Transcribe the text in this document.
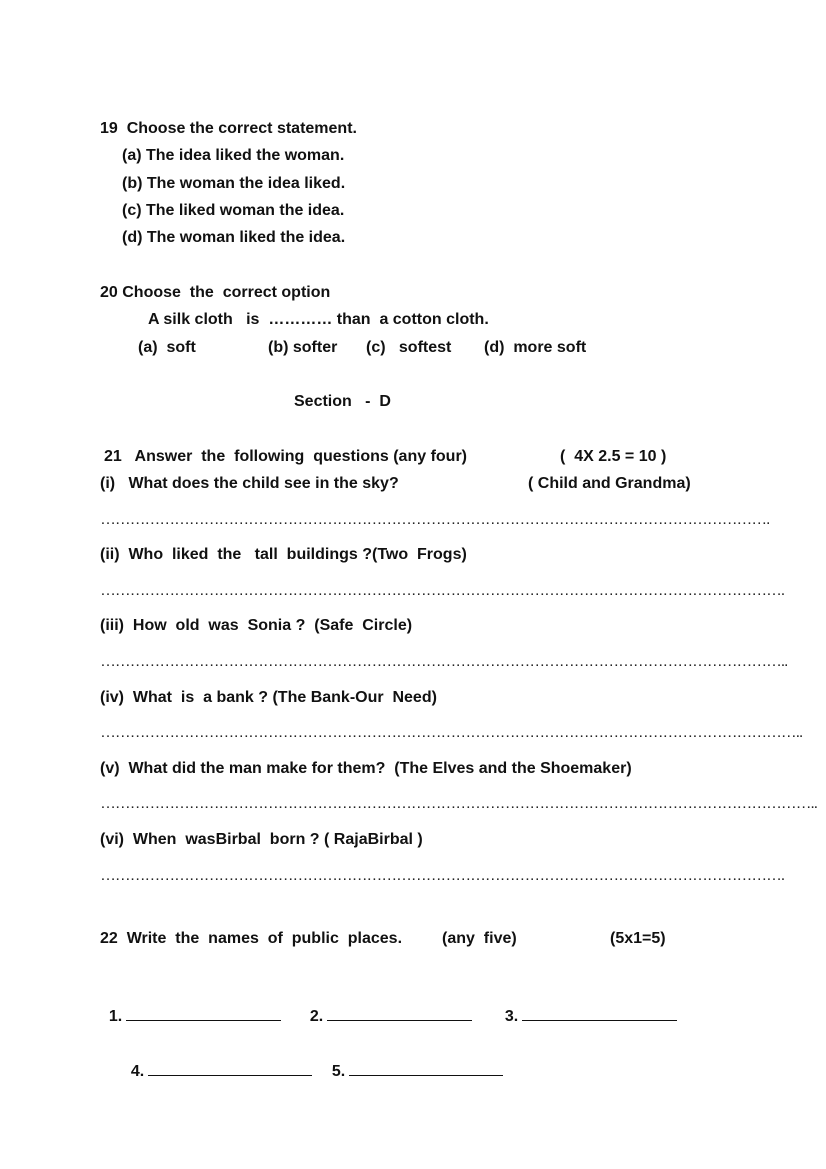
19  Choose the correct statement.
(a) The idea liked the woman.
(b) The woman the idea liked.
(c) The liked woman the idea.
(d) The woman liked the idea.
20 Choose  the  correct option
A silk cloth   is  ………… than  a cotton cloth.
(a)  soft	(b) softer (c)   softest (d)  more soft
Section   -  D
21   Answer  the  following  questions (any four)	(  4X 2.5 = 10 )
(i)   What does the child see in the sky?	( Child and Grandma)
……………………………………………………………………………………………………………………….
(ii)  Who  liked  the   tall  buildings ?(Two  Frogs)
………………………………………………………………………………………………………………………….
(iii)  How  old  was  Sonia ?  (Safe  Circle)
…………………………………………………………………………………………………………………………..
(iv)  What  is  a bank ? (The Bank-Our  Need)
……………………………………………………………………………………………………………………………..
(v)  What did the man make for them?  (The Elves and the Shoemaker)
………………………………………………………………………………………………………………………………..
(vi)  When  wasBirbal  born ? ( RajaBirbal )
………………………………………………………………………………………………………………………….
22  Write  the  names  of  public  places. (any  five)	(5x1=5)

1.	2.	3.

4.	5.
